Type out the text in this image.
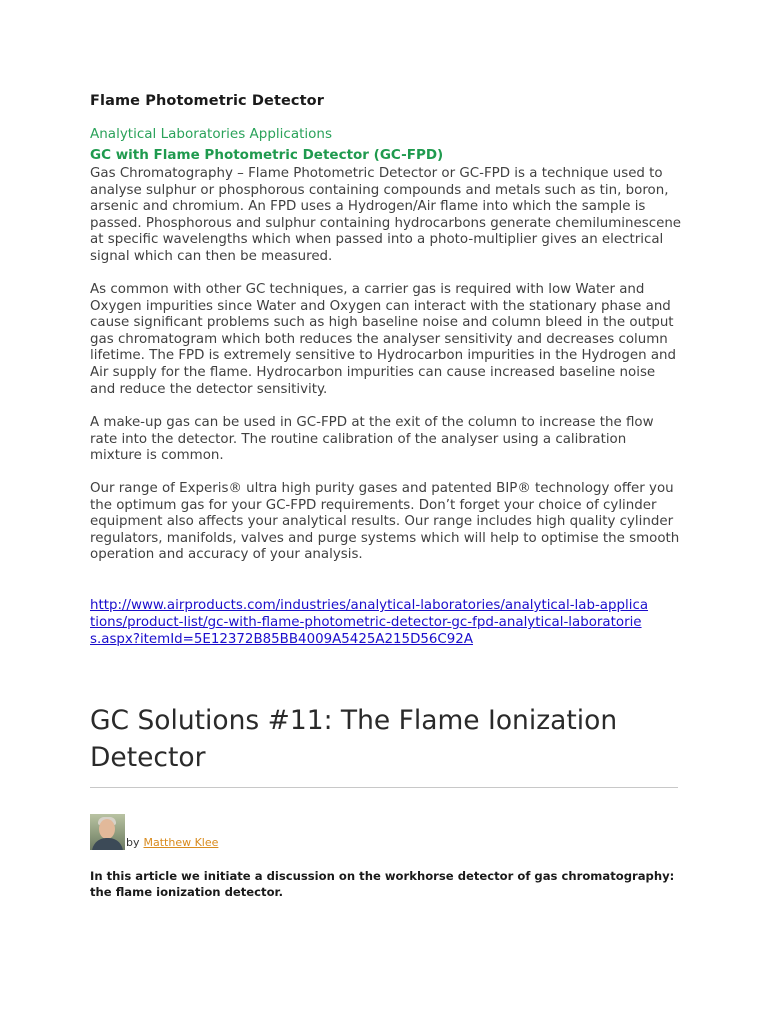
Flame Photometric Detector
Analytical Laboratories Applications
GC with Flame Photometric Detector (GC-FPD)

Gas Chromatography – Flame Photometric Detector or GC-FPD is a technique used to analyse sulphur or phosphorous containing compounds and metals such as tin, boron, arsenic and chromium. An FPD uses a Hydrogen/Air flame into which the sample is passed. Phosphorous and sulphur containing hydrocarbons generate chemiluminescene at specific wavelengths which when passed into a photo-multiplier gives an electrical signal which can then be measured.

As common with other GC techniques, a carrier gas is required with low Water and Oxygen impurities since Water and Oxygen can interact with the stationary phase and cause significant problems such as high baseline noise and column bleed in the output gas chromatogram which both reduces the analyser sensitivity and decreases column lifetime. The FPD is extremely sensitive to Hydrocarbon impurities in the Hydrogen and Air supply for the flame. Hydrocarbon impurities can cause increased baseline noise and reduce the detector sensitivity.

A make-up gas can be used in GC-FPD at the exit of the column to increase the flow rate into the detector. The routine calibration of the analyser using a calibration mixture is common.

Our range of Experis® ultra high purity gases and patented BIP® technology offer you the optimum gas for your GC-FPD requirements. Don’t forget your choice of cylinder equipment also affects your analytical results. Our range includes high quality cylinder regulators, manifolds, valves and purge systems which will help to optimise the smooth operation and accuracy of your analysis.

http://www.airproducts.com/industries/analytical-laboratories/analytical-lab-applications/product-list/gc-with-flame-photometric-detector-gc-fpd-analytical-laboratories.aspx?itemId=5E12372B85BB4009A5425A215D56C92A
GC Solutions #11: The Flame Ionization Detector
by Matthew Klee

In this article we initiate a discussion on the workhorse detector of gas chromatography: the flame ionization detector.
